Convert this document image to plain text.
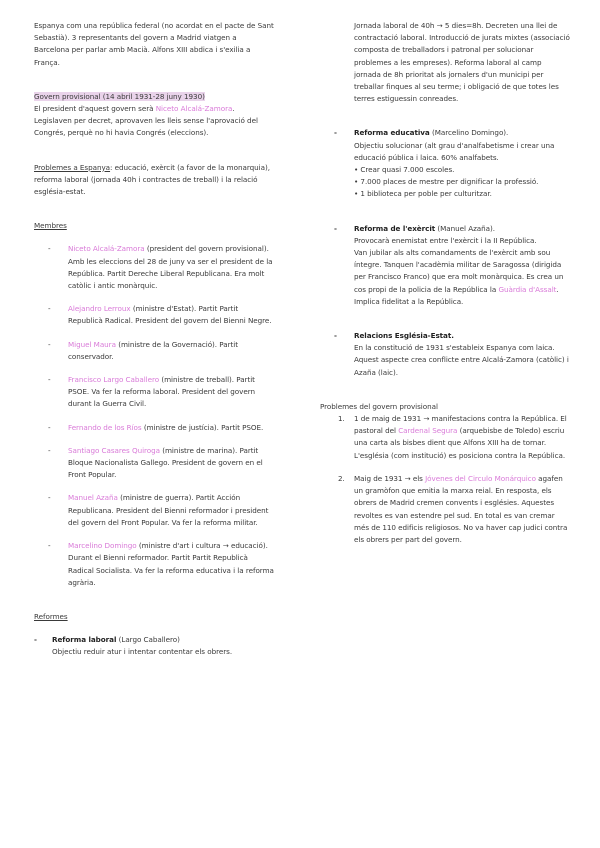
Espanya com una república federal (no acordat en el pacte de Sant Sebastià). 3 representants del govern a Madrid viatgen a Barcelona per parlar amb Macià. Alfons XIII abdica i s'exilia a França.

Govern provisional (14 abril 1931-28 juny 1930)

El president d'aquest govern serà Niceto Alcalá-Zamora.

Legislaven per decret, aprovaven les lleis sense l'aprovació del Congrés, perquè no hi havia Congrés (eleccions).

Problemes a Espanya: educació, exèrcit (a favor de la monarquia), reforma laboral (jornada 40h i contractes de treball) i la relació església-estat.

Membres

- Niceto Alcalá-Zamora (president del govern provisional). Amb les eleccions del 28 de juny va ser el president de la República. Partit Dereche Liberal Republicana. Era molt catòlic i antic monàrquic.
- Alejandro Lerroux (ministre d'Estat). Partit Partit Republicà Radical. President del govern del Bienni Negre.
- Miguel Maura (ministre de la Governació). Partit conservador.
- Francisco Largo Caballero (ministre de treball). Partit PSOE. Va fer la reforma laboral. President del govern durant la Guerra Civil.
- Fernando de los Ríos (ministre de justícia). Partit PSOE.
- Santiago Casares Quiroga (ministre de marina). Partit Bloque Nacionalista Gallego. President de govern en el Front Popular.
- Manuel Azaña (ministre de guerra). Partit Acción Republicana. President del Bienni reformador i president del govern del Front Popular. Va fer la reforma militar.
- Marcelino Domingo (ministre d'art i cultura → educació). Durant el Bienni reformador. Partit Partit Republicà Radical Socialista. Va fer la reforma educativa i la reforma agrària.

Reformes

- Reforma laboral (Largo Caballero)

Objectiu reduir atur i intentar contentar els obrers.

Jornada laboral de 40h → 5 dies=8h. Decreten una llei de contractació laboral. Introducció de jurats mixtes (associació composta de treballadors i patronal per solucionar problemes a les empreses). Reforma laboral al camp jornada de 8h prioritat als jornalers d'un municipi per treballar finques al seu terme; i obligació de que totes les terres estiguessin conreades.

- Reforma educativa (Marcelino Domingo).

Objectiu solucionar (alt grau d'analfabetisme i crear una educació pública i laica. 60% analfabets.

• Crear quasi 7.000 escoles.

• 7.000 places de mestre per dignificar la professió.

• 1 biblioteca per poble per culturitzar.

- Reforma de l'exèrcit (Manuel Azaña).

Provocarà enemistat entre l'exèrcit i la II República.

Van jubilar als alts comandaments de l'exèrcit amb sou íntegre. Tanquen l'acadèmia militar de Saragossa (dirigida per Francisco Franco) que era molt monàrquica. Es crea un cos propi de la policia de la República la Guàrdia d'Assalt. Implica fidelitat a la República.

- Relacions Església-Estat.

En la constitució de 1931 s'estableix Espanya com laica. Aquest aspecte crea conflicte entre Alcalá-Zamora (catòlic) i Azaña (laic).

Problemes del govern provisional

1. 1 de maig de 1931 → manifestacions contra la República. El pastoral del Cardenal Segura (arquebisbe de Toledo) escriu una carta als bisbes dient que Alfons XIII ha de tornar. L'església (com institució) es posiciona contra la República.
2. Maig de 1931 → els Jóvenes del Circulo Monárquico agafen un gramòfon que emitia la marxa reial. En resposta, els obrers de Madrid cremen convents i esglésies. Aquestes revoltes es van estendre pel sud. En total es van cremar més de 110 edificis religiosos. No va haver cap judici contra els obrers per part del govern.
